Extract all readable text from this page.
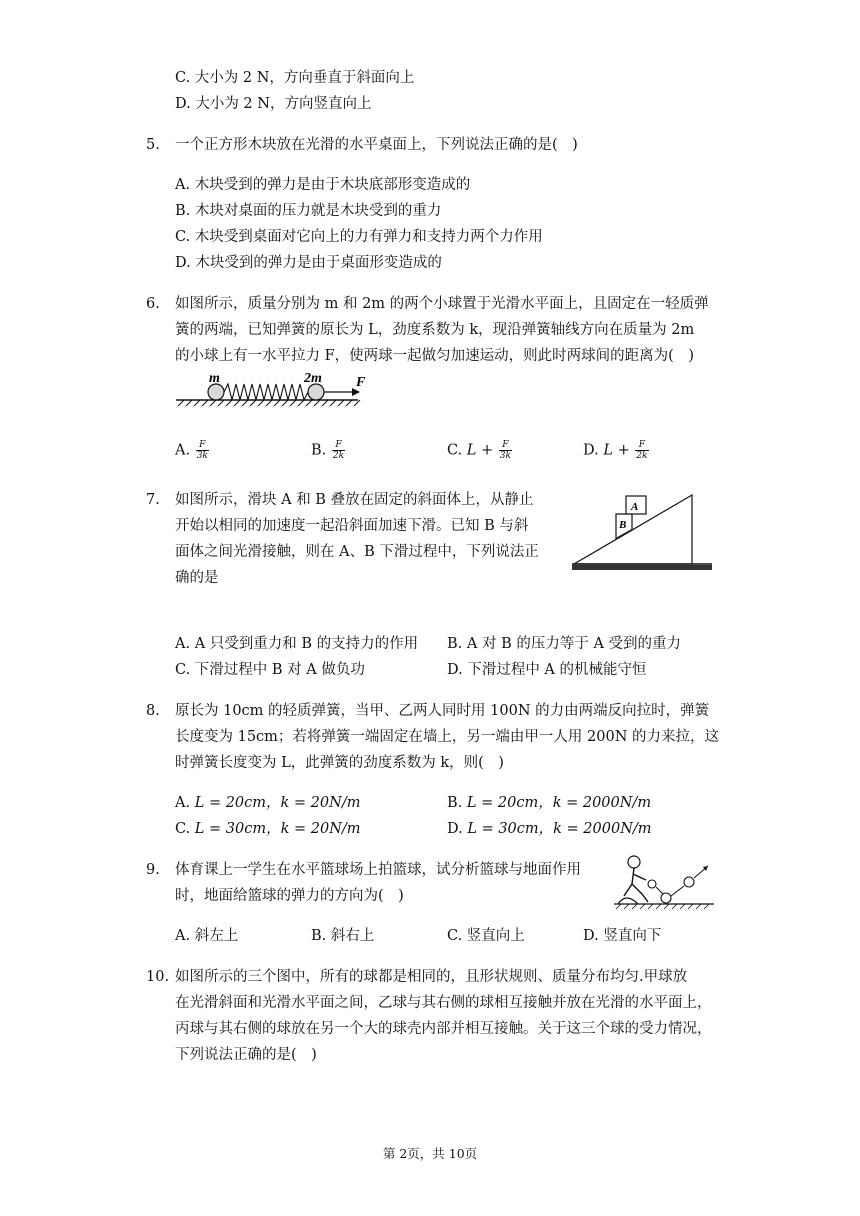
C. 大小为 2 N，方向垂直于斜面向上
D. 大小为 2 N，方向竖直向上
5. 一个正方形木块放在光滑的水平桌面上，下列说法正确的是(　)
A. 木块受到的弹力是由于木块底部形变造成的
B. 木块对桌面的压力就是木块受到的重力
C. 木块受到桌面对它向上的力有弹力和支持力两个力作用
D. 木块受到的弹力是由于桌面形变造成的
6. 如图所示，质量分别为 m 和 2m 的两个小球置于光滑水平面上，且固定在一轻质弹
簧的两端，已知弹簧的原长为 L，劲度系数为 k，现沿弹簧轴线方向在质量为 2m
的小球上有一水平拉力 F，使两球一起做匀加速运动，则此时两球间的距离为(　)
m	2m F
A. $\frac{F}{3k}$	B. $\frac{F}{2k}$	C. $L + \frac{F}{3k}$	D. $L + \frac{F}{2k}$
7. 如图所示，滑块 A 和 B 叠放在固定的斜面体上，从静止
开始以相同的加速度一起沿斜面加速下滑。已知 B 与斜
面体之间光滑接触，则在 A、B 下滑过程中，下列说法正
确的是
A
B
A. A 只受到重力和 B 的支持力的作用 B. A 对 B 的压力等于 A 受到的重力
C. 下滑过程中 B 对 A 做负功	D. 下滑过程中 A 的机械能守恒
8. 原长为 10cm 的轻质弹簧，当甲、乙两人同时用 100N 的力由两端反向拉时，弹簧
长度变为 15cm；若将弹簧一端固定在墙上，另一端由甲一人用 200N 的力来拉，这
时弹簧长度变为 L，此弹簧的劲度系数为 k，则(　)
A. L = 20cm，k = 20N/m	B. L = 20cm，k = 2000N/m
C. L = 30cm，k = 20N/m	D. L = 30cm，k = 2000N/m
9. 体育课上一学生在水平篮球场上拍篮球，试分析篮球与地面作用
时，地面给篮球的弹力的方向为(　)
A. 斜左上	B. 斜右上	C. 竖直向上	D. 竖直向下
10. 如图所示的三个图中，所有的球都是相同的，且形状规则、质量分布均匀.甲球放
在光滑斜面和光滑水平面之间，乙球与其右侧的球相互接触并放在光滑的水平面上，
丙球与其右侧的球放在另一个大的球壳内部并相互接触。关于这三个球的受力情况，
下列说法正确的是(　)
第 2页，共 10页
